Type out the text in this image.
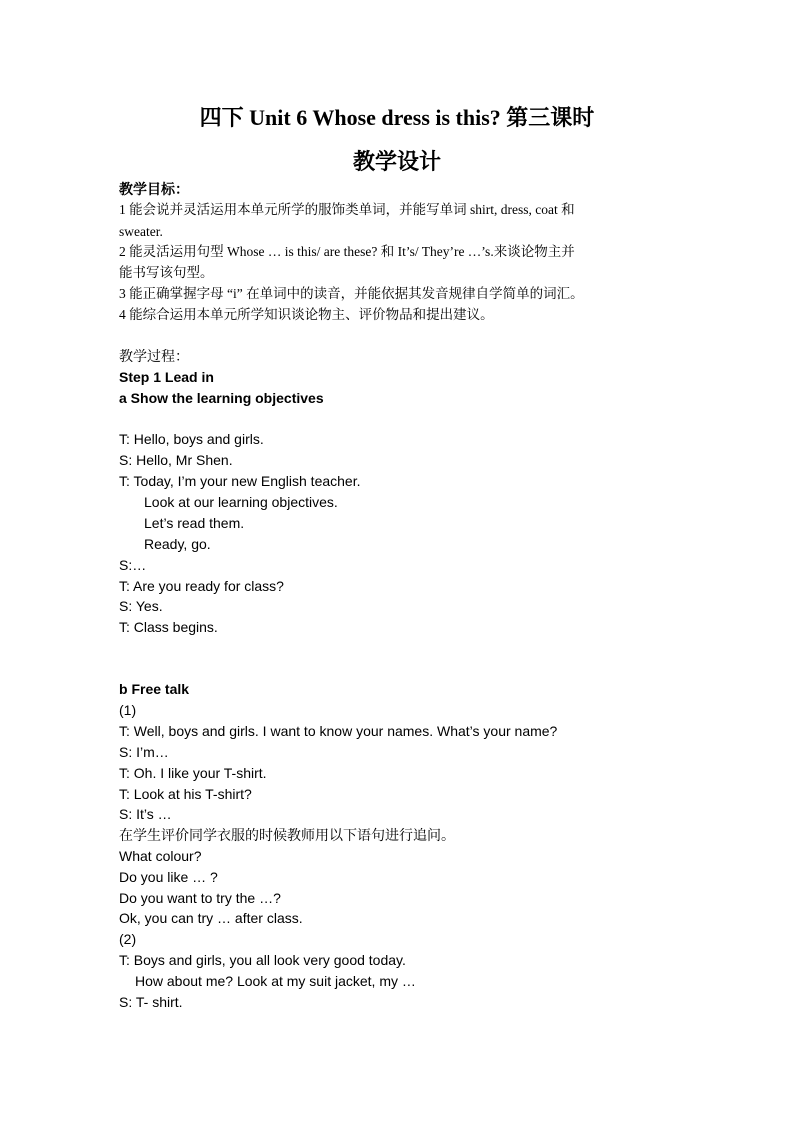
四下 Unit 6 Whose dress is this? 第三课时
教学设计
教学目标：
1 能会说并灵活运用本单元所学的服饰类单词，并能写单词 shirt, dress, coat 和
sweater.
2 能灵活运用句型 Whose … is this/ are these? 和 It’s/ They’re …’s.来谈论物主并
能书写该句型。
3 能正确掌握字母 “i” 在单词中的读音，并能依据其发音规律自学简单的词汇。
4 能综合运用本单元所学知识谈论物主、评价物品和提出建议。
教学过程：
Step 1 Lead in
a Show the learning objectives
T: Hello, boys and girls.
S: Hello, Mr Shen.
T: Today, I’m your new English teacher.
Look at our learning objectives.
Let’s read them.
Ready, go.
S:…
T: Are you ready for class?
S: Yes.
T: Class begins.
b Free talk
(1)
T: Well, boys and girls. I want to know your names. What’s your name?
S: I’m…
T: Oh. I like your T-shirt.
T: Look at his T-shirt?
S: It’s …
在学生评价同学衣服的时候教师用以下语句进行追问。
What colour?
Do you like … ?
Do you want to try the …?
Ok, you can try … after class.
(2)
T: Boys and girls, you all look very good today.
How about me? Look at my suit jacket, my …
S: T- shirt.
